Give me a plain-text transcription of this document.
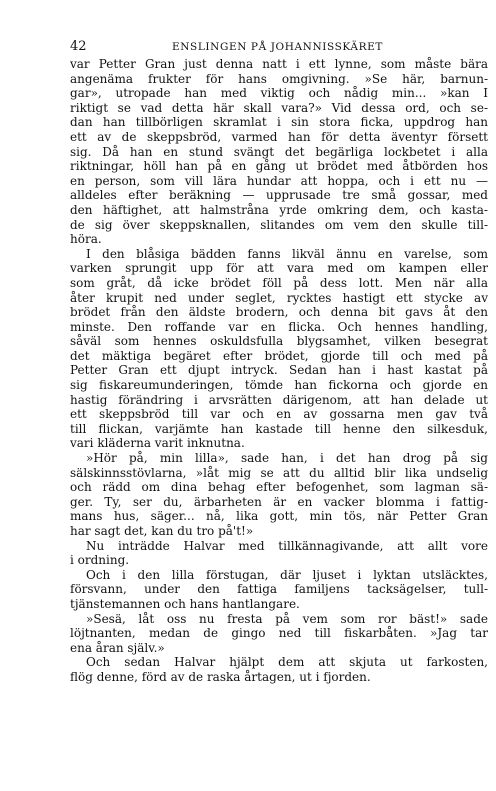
42	ENSLINGEN PÅ JOHANNISSKÄRET
var Petter Gran just denna natt i ett lynne, som måste bära
angenäma frukter för hans omgivning. »Se här, barnun-
gar», utropade han med viktig och nådig min... »kan I
riktigt se vad detta här skall vara?» Vid dessa ord, och se-
dan han tillbörligen skramlat i sin stora ficka, uppdrog han
ett av de skeppsbröd, varmed han för detta äventyr försett
sig. Då han en stund svängt det begärliga lockbetet i alla
riktningar, höll han på en gång ut brödet med åtbörden hos
en person, som vill lära hundar att hoppa, och i ett nu —
alldeles efter beräkning — upprusade tre små gossar, med
den häftighet, att halmstråna yrde omkring dem, och kasta-
de sig över skeppsknallen, slitandes om vem den skulle till-
höra.
I den blåsiga bädden fanns likväl ännu en varelse, som
varken sprungit upp för att vara med om kampen eller
som gråt, då icke brödet föll på dess lott. Men när alla
åter krupit ned under seglet, rycktes hastigt ett stycke av
brödet från den äldste brodern, och denna bit gavs åt den
minste. Den roffande var en flicka. Och hennes handling,
såväl som hennes oskuldsfulla blygsamhet, vilken besegrat
det mäktiga begäret efter brödet, gjorde till och med på
Petter Gran ett djupt intryck. Sedan han i hast kastat på
sig fiskareumunderingen, tömde han fickorna och gjorde en
hastig förändring i arvsrätten därigenom, att han delade ut
ett skeppsbröd till var och en av gossarna men gav två
till flickan, varjämte han kastade till henne den silkesduk,
vari kläderna varit inknutna.
»Hör på, min lilla», sade han, i det han drog på sig
sälskinnsstövlarna, »låt mig se att du alltid blir lika undselig
och rädd om dina behag efter befogenhet, som lagman sä-
ger. Ty, ser du, ärbarheten är en vacker blomma i fattig-
mans hus, säger... nå, lika gott, min tös, när Petter Gran
har sagt det, kan du tro på't!»
Nu inträdde Halvar med tillkännagivande, att allt vore
i ordning.
Och i den lilla förstugan, där ljuset i lyktan utsläcktes,
försvann, under den fattiga familjens tacksägelser, tull-
tjänstemannen och hans hantlangare.
»Sesä, låt oss nu fresta på vem som ror bäst!» sade
löjtnanten, medan de gingo ned till fiskarbåten. »Jag tar
ena åran själv.»
Och sedan Halvar hjälpt dem att skjuta ut farkosten,
flög denne, förd av de raska årtagen, ut i fjorden.
